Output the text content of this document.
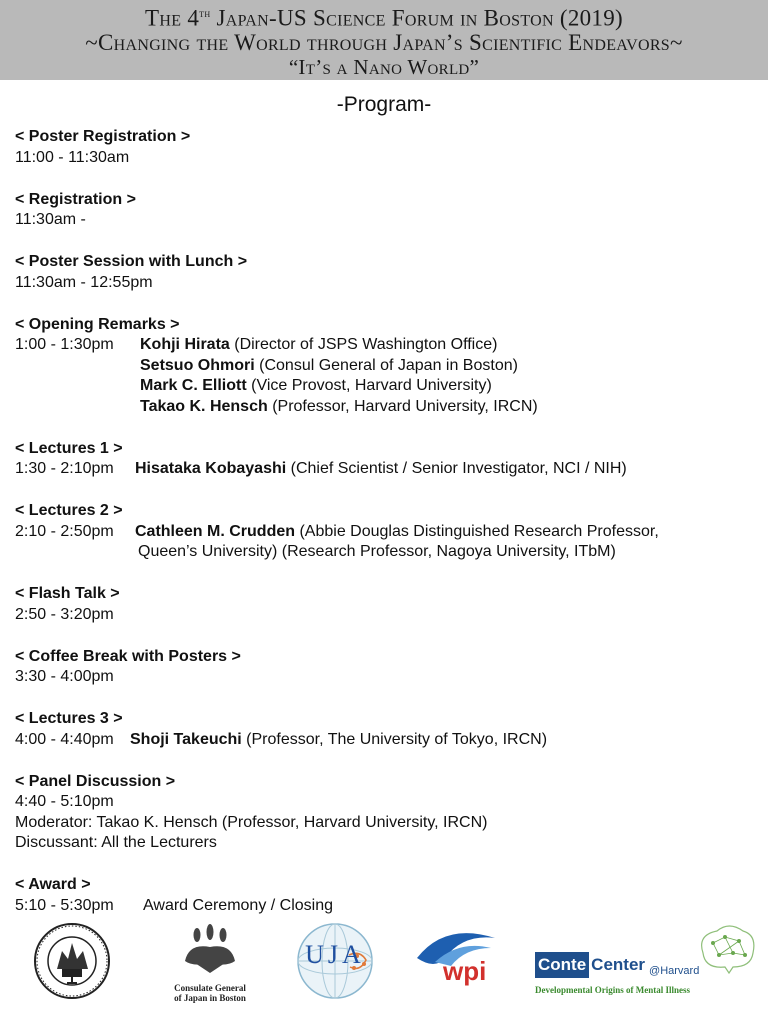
The 4th Japan-US Science Forum in Boston (2019)
~Changing the World through Japan’s Scientific Endeavors~
“It’s a Nano World”
-Program-
< Poster Registration >
11:00 - 11:30am
< Registration >
11:30am -
< Poster Session with Lunch >
11:30am - 12:55pm
< Opening Remarks >
1:00 - 1:30pm	Kohji Hirata (Director of JSPS Washington Office)
Setsuo Ohmori (Consul General of Japan in Boston)
Mark C. Elliott (Vice Provost, Harvard University)
Takao K. Hensch (Professor, Harvard University, IRCN)
< Lectures 1 >
1:30 - 2:10pm	Hisataka Kobayashi (Chief Scientist / Senior Investigator, NCI / NIH)
< Lectures 2 >
2:10 - 2:50pm	Cathleen M. Crudden (Abbie Douglas Distinguished Research Professor,
Queen’s University) (Research Professor, Nagoya University, ITbM)
< Flash Talk >
2:50 - 3:20pm
< Coffee Break with Posters >
3:30 - 4:00pm
< Lectures 3 >
4:00 - 4:40pm	Shoji Takeuchi (Professor, The University of Tokyo, IRCN)
< Panel Discussion >
4:40 - 5:10pm
Moderator: Takao K. Hensch (Professor, Harvard University, IRCN)
Discussant: All the Lecturers
< Award >
5:10 - 5:30pm	Award Ceremony / Closing
Consulate General
of Japan in Boston
UJA
wpi	Conte Center @Harvard
Developmental Origins of Mental Illness
